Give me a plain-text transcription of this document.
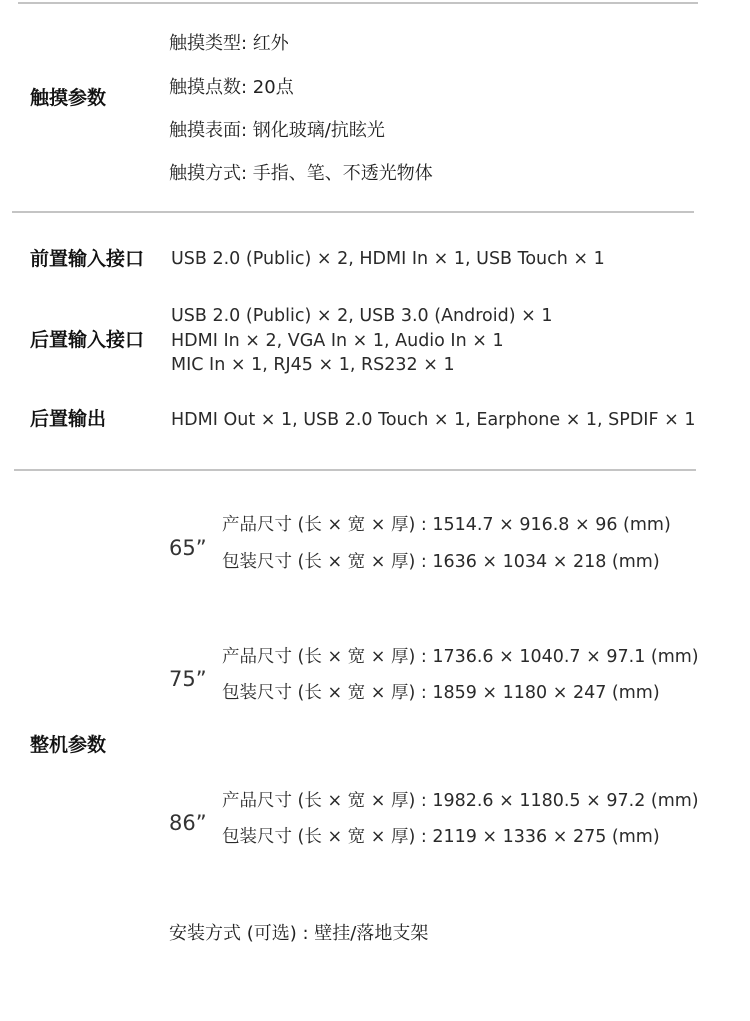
触摸参数
触摸类型: 红外
触摸点数: 20点
触摸表面: 钢化玻璃/抗眩光
触摸方式: 手指、笔、不透光物体
前置输入接口 USB 2.0 (Public) × 2, HDMI In × 1, USB Touch × 1
后置输入接口
USB 2.0 (Public) × 2, USB 3.0 (Android) × 1
HDMI In × 2, VGA In × 1, Audio In × 1
MIC In × 1, RJ45 × 1, RS232 × 1
后置输出	HDMI Out × 1, USB 2.0 Touch × 1, Earphone × 1, SPDIF × 1
整机参数
65”
产品尺寸 (长 × 宽 × 厚) : 1514.7 × 916.8 × 96 (mm)
包装尺寸 (长 × 宽 × 厚) : 1636 × 1034 × 218 (mm)
75”
产品尺寸 (长 × 宽 × 厚) : 1736.6 × 1040.7 × 97.1 (mm)
包装尺寸 (长 × 宽 × 厚) : 1859 × 1180 × 247 (mm)
86”
产品尺寸 (长 × 宽 × 厚) : 1982.6 × 1180.5 × 97.2 (mm)
包装尺寸 (长 × 宽 × 厚) : 2119 × 1336 × 275 (mm)
安装方式 (可选) : 壁挂/落地支架
